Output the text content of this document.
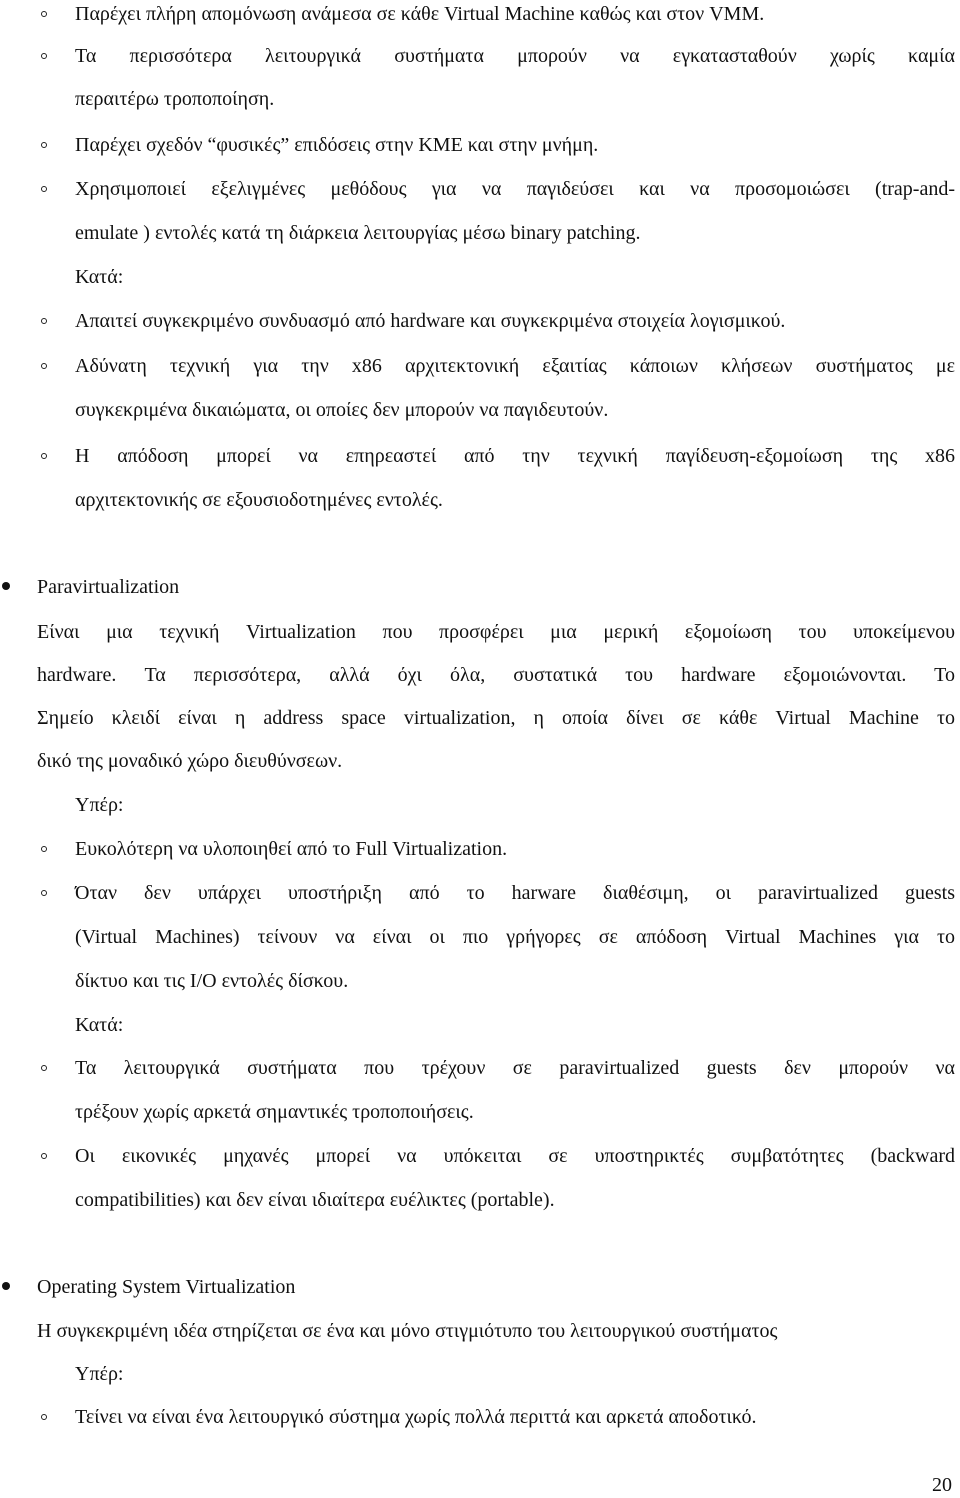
Παρέχει πλήρη απομόνωση ανάμεσα σε κάθε Virtual Machine καθώς και στον VMM.
Τα περισσότερα λειτουργικά συστήματα μπορούν να εγκατασταθούν χωρίς καμία
περαιτέρω τροποποίηση.
Παρέχει σχεδόν “φυσικές” επιδόσεις στην ΚΜΕ και στην μνήμη.
Χρησιμοποιεί εξελιγμένες μεθόδους για να παγιδεύσει και να προσομοιώσει (trap-and-
emulate ) εντολές κατά τη διάρκεια λειτουργίας μέσω binary patching.
Κατά:
Απαιτεί συγκεκριμένο συνδυασμό από hardware και συγκεκριμένα στοιχεία λογισμικού.
Αδύνατη τεχνική για την x86 αρχιτεκτονική εξαιτίας κάποιων κλήσεων συστήματος με
συγκεκριμένα δικαιώματα, οι οποίες δεν μπορούν να παγιδευτούν.
Η απόδοση μπορεί να επηρεαστεί από την τεχνική παγίδευση-εξομοίωση της x86
αρχιτεκτονικής σε εξουσιοδοτημένες εντολές.
Paravirtualization
Είναι μια τεχνική Virtualization που προσφέρει μια μερική εξομοίωση του υποκείμενου
hardware. Τα περισσότερα, αλλά όχι όλα, συστατικά του hardware εξομοιώνονται. Το
Σημείο κλειδί είναι η address space virtualization, η οποία δίνει σε κάθε Virtual Machine το
δικό της μοναδικό χώρο διευθύνσεων.
Υπέρ:
Ευκολότερη να υλοποιηθεί από το Full Virtualization.
Όταν δεν υπάρχει υποστήριξη από το harware διαθέσιμη, οι paravirtualized guests
(Virtual Machines) τείνουν να είναι οι πιο γρήγορες σε απόδοση Virtual Machines για το
δίκτυο και τις I/O εντολές δίσκου.
Κατά:
Τα λειτουργικά συστήματα που τρέχουν σε paravirtualized guests δεν μπορούν να
τρέξουν χωρίς αρκετά σημαντικές τροποποιήσεις.
Οι εικονικές μηχανές μπορεί να υπόκειται σε υποστηρικτές συμβατότητες (backward
compatibilities) και δεν είναι ιδιαίτερα ευέλικτες (portable).
Operating System Virtualization
Η συγκεκριμένη ιδέα στηρίζεται σε ένα και μόνο στιγμιότυπο του λειτουργικού συστήματος
Υπέρ:
Τείνει να είναι ένα λειτουργικό σύστημα χωρίς πολλά περιττά και αρκετά αποδοτικό.
20
